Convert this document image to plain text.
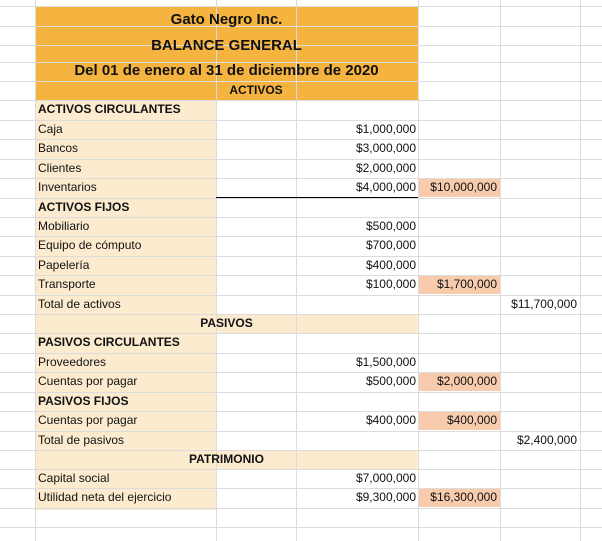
Gato Negro Inc.
BALANCE GENERAL
Del 01 de enero al 31 de diciembre de 2020
ACTIVOS
ACTIVOS CIRCULANTES
Caja	$1,000,000
Bancos	$3,000,000
Clientes	$2,000,000
Inventarios	$4,000,000	$10,000,000
ACTIVOS FIJOS
Mobiliario	$500,000
Equipo de cómputo	$700,000
Papelería	$400,000
Transporte	$100,000	$1,700,000
Total de activos	$11,700,000
PASIVOS
PASIVOS CIRCULANTES
Proveedores	$1,500,000
Cuentas por pagar	$500,000	$2,000,000
PASIVOS FIJOS
Cuentas por pagar	$400,000	$400,000
Total de pasivos	$2,400,000
PATRIMONIO
Capital social	$7,000,000
Utilidad neta del ejercicio	$9,300,000	$16,300,000
